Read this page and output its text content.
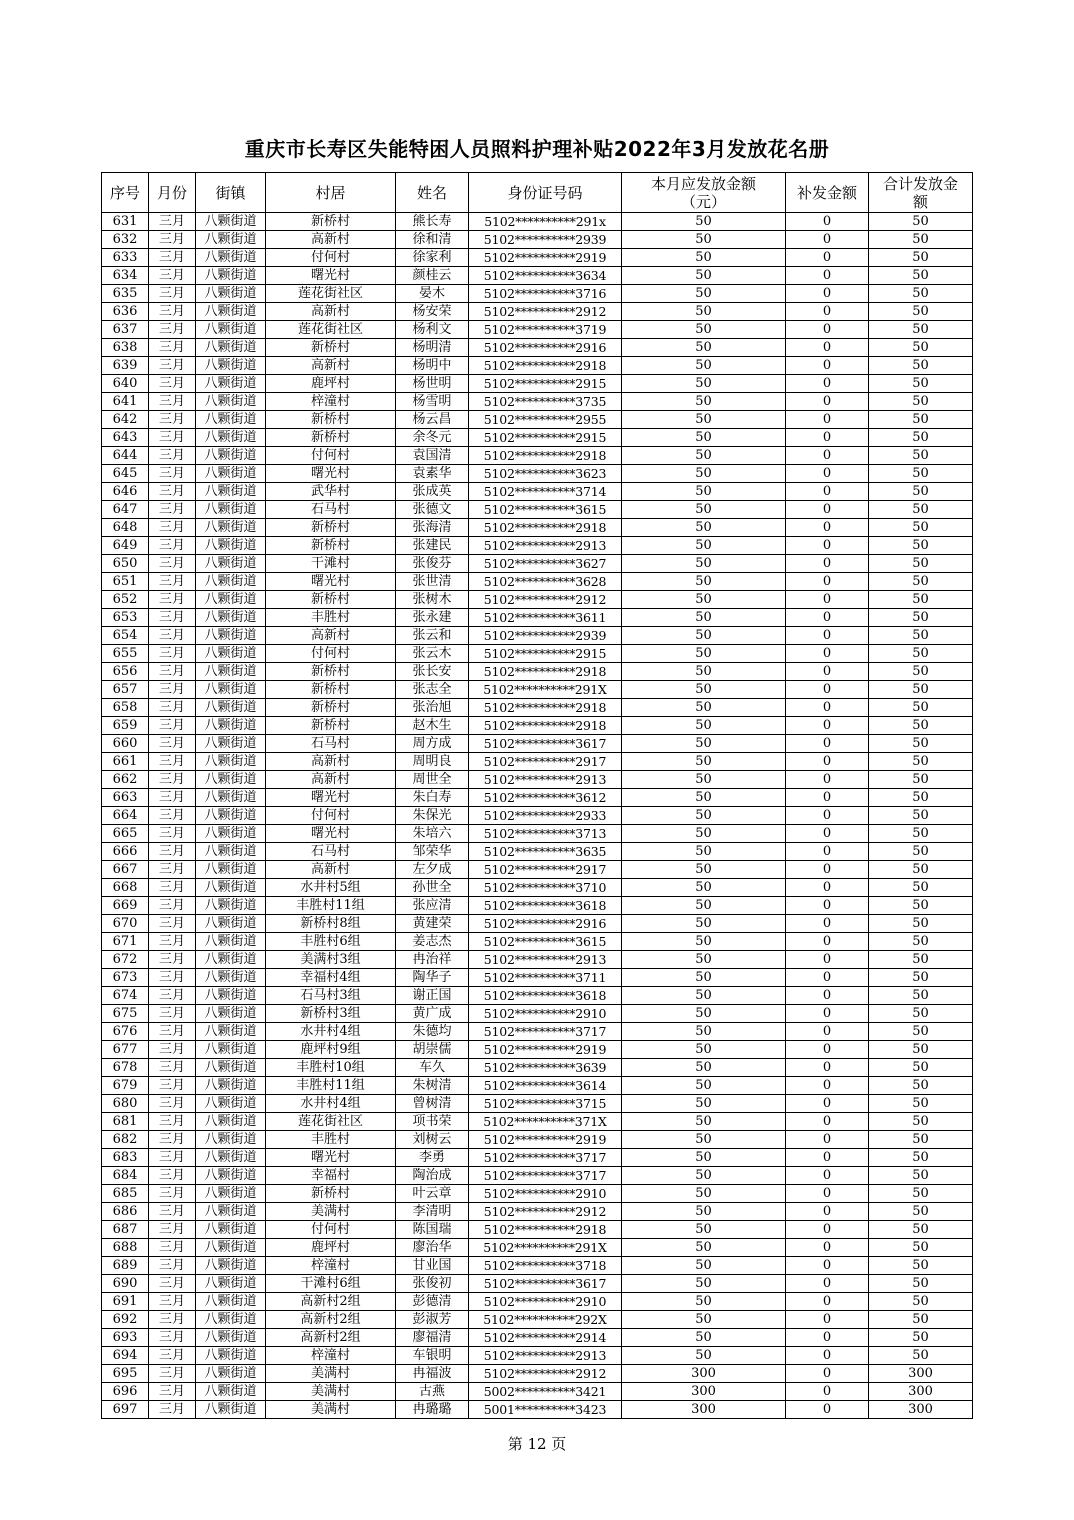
重庆市长寿区失能特困人员照料护理补贴2022年3月发放花名册
序号	月份	街镇	村居	姓名	身份证号码	本月应发放金额（元）	补发金额	合计发放金额
631	三月	八颗街道	新桥村	熊长寿	5102**********291x	50	0	50
632	三月	八颗街道	高新村	徐和清	5102**********2939	50	0	50
633	三月	八颗街道	付何村	徐家利	5102**********2919	50	0	50
634	三月	八颗街道	曙光村	颜桂云	5102**********3634	50	0	50
635	三月	八颗街道	莲花街社区	晏木	5102**********3716	50	0	50
636	三月	八颗街道	高新村	杨安荣	5102**********2912	50	0	50
637	三月	八颗街道	莲花街社区	杨利文	5102**********3719	50	0	50
638	三月	八颗街道	新桥村	杨明清	5102**********2916	50	0	50
639	三月	八颗街道	高新村	杨明中	5102**********2918	50	0	50
640	三月	八颗街道	鹿坪村	杨世明	5102**********2915	50	0	50
641	三月	八颗街道	梓潼村	杨雪明	5102**********3735	50	0	50
642	三月	八颗街道	新桥村	杨云昌	5102**********2955	50	0	50
643	三月	八颗街道	新桥村	余冬元	5102**********2915	50	0	50
644	三月	八颗街道	付何村	袁国清	5102**********2918	50	0	50
645	三月	八颗街道	曙光村	袁素华	5102**********3623	50	0	50
646	三月	八颗街道	武华村	张成英	5102**********3714	50	0	50
647	三月	八颗街道	石马村	张德文	5102**********3615	50	0	50
648	三月	八颗街道	新桥村	张海清	5102**********2918	50	0	50
649	三月	八颗街道	新桥村	张建民	5102**********2913	50	0	50
650	三月	八颗街道	干滩村	张俊芬	5102**********3627	50	0	50
651	三月	八颗街道	曙光村	张世清	5102**********3628	50	0	50
652	三月	八颗街道	新桥村	张树木	5102**********2912	50	0	50
653	三月	八颗街道	丰胜村	张永建	5102**********3611	50	0	50
654	三月	八颗街道	高新村	张云和	5102**********2939	50	0	50
655	三月	八颗街道	付何村	张云木	5102**********2915	50	0	50
656	三月	八颗街道	新桥村	张长安	5102**********2918	50	0	50
657	三月	八颗街道	新桥村	张志全	5102**********291X	50	0	50
658	三月	八颗街道	新桥村	张治旭	5102**********2918	50	0	50
659	三月	八颗街道	新桥村	赵木生	5102**********2918	50	0	50
660	三月	八颗街道	石马村	周方成	5102**********3617	50	0	50
661	三月	八颗街道	高新村	周明良	5102**********2917	50	0	50
662	三月	八颗街道	高新村	周世全	5102**********2913	50	0	50
663	三月	八颗街道	曙光村	朱白寿	5102**********3612	50	0	50
664	三月	八颗街道	付何村	朱保光	5102**********2933	50	0	50
665	三月	八颗街道	曙光村	朱培六	5102**********3713	50	0	50
666	三月	八颗街道	石马村	邹荣华	5102**********3635	50	0	50
667	三月	八颗街道	高新村	左夕成	5102**********2917	50	0	50
668	三月	八颗街道	水井村5组	孙世全	5102**********3710	50	0	50
669	三月	八颗街道	丰胜村11组	张应清	5102**********3618	50	0	50
670	三月	八颗街道	新桥村8组	黄建荣	5102**********2916	50	0	50
671	三月	八颗街道	丰胜村6组	姜志杰	5102**********3615	50	0	50
672	三月	八颗街道	美满村3组	冉治祥	5102**********2913	50	0	50
673	三月	八颗街道	幸福村4组	陶华子	5102**********3711	50	0	50
674	三月	八颗街道	石马村3组	谢正国	5102**********3618	50	0	50
675	三月	八颗街道	新桥村3组	黄广成	5102**********2910	50	0	50
676	三月	八颗街道	水井村4组	朱德均	5102**********3717	50	0	50
677	三月	八颗街道	鹿坪村9组	胡崇儒	5102**********2919	50	0	50
678	三月	八颗街道	丰胜村10组	车久	5102**********3639	50	0	50
679	三月	八颗街道	丰胜村11组	朱树清	5102**********3614	50	0	50
680	三月	八颗街道	水井村4组	曾树清	5102**********3715	50	0	50
681	三月	八颗街道	莲花街社区	项书荣	5102**********371X	50	0	50
682	三月	八颗街道	丰胜村	刘树云	5102**********2919	50	0	50
683	三月	八颗街道	曙光村	李勇	5102**********3717	50	0	50
684	三月	八颗街道	幸福村	陶治成	5102**********3717	50	0	50
685	三月	八颗街道	新桥村	叶云章	5102**********2910	50	0	50
686	三月	八颗街道	美满村	李清明	5102**********2912	50	0	50
687	三月	八颗街道	付何村	陈国瑞	5102**********2918	50	0	50
688	三月	八颗街道	鹿坪村	廖治华	5102**********291X	50	0	50
689	三月	八颗街道	梓潼村	甘业国	5102**********3718	50	0	50
690	三月	八颗街道	干滩村6组	张俊初	5102**********3617	50	0	50
691	三月	八颗街道	高新村2组	彭德清	5102**********2910	50	0	50
692	三月	八颗街道	高新村2组	彭淑芳	5102**********292X	50	0	50
693	三月	八颗街道	高新村2组	廖福清	5102**********2914	50	0	50
694	三月	八颗街道	梓潼村	车银明	5102**********2913	50	0	50
695	三月	八颗街道	美满村	冉福波	5102**********2912	300	0	300
696	三月	八颗街道	美满村	古燕	5002**********3421	300	0	300
697	三月	八颗街道	美满村	冉璐璐	5001**********3423	300	0	300
第 12 页
